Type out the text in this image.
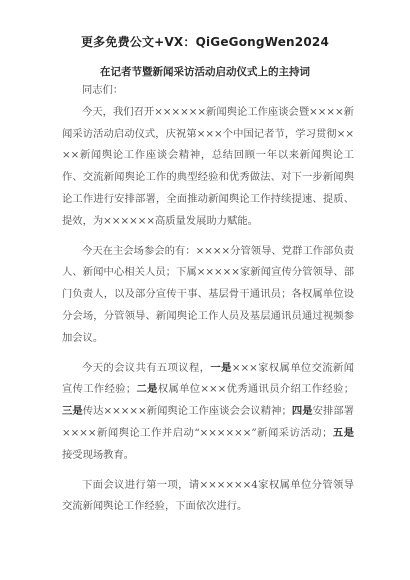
更多免费公文+VX：QiGeGongWen2024
在记者节暨新闻采访活动启动仪式上的主持词

同志们：

今天，我们召开××××××新闻舆论工作座谈会暨××××新闻采访活动启动仪式，庆祝第×××个中国记者节，学习贯彻××××新闻舆论工作座谈会精神，总结回顾一年以来新闻舆论工作、交流新闻舆论工作的典型经验和优秀做法、对下一步新闻舆论工作进行安排部署，全面推动新闻舆论工作持续提速、提质、提效，为××××××高质量发展助力赋能。

今天在主会场参会的有：××××分管领导、党群工作部负责人、新闻中心相关人员；下属×××××家新闻宣传分管领导、部门负责人，以及部分宣传干事、基层骨干通讯员；各权属单位设分会场，分管领导、新闻舆论工作人员及基层通讯员通过视频参加会议。

今天的会议共有五项议程，一是×××家权属单位交流新闻宣传工作经验；二是权属单位×××优秀通讯员介绍工作经验；三是传达×××××新闻舆论工作座谈会会议精神；四是安排部署××××新闻舆论工作并启动“××××××”新闻采访活动；五是接受现场教育。

下面会议进行第一项，请××××××4家权属单位分管领导交流新闻舆论工作经验，下面依次进行。
